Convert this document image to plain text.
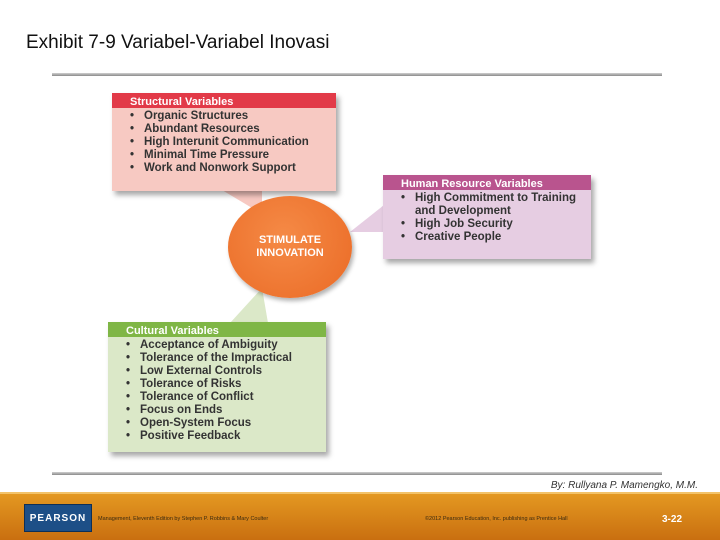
Exhibit 7-9 Variabel-Variabel Inovasi
Structural Variables
• Organic Structures
• Abundant Resources
• High Interunit Communication
• Minimal Time Pressure
• Work and Nonwork Support
Human Resource Variables
• High Commitment to Training and Development
• High Job Security
• Creative People
Cultural Variables
• Acceptance of Ambiguity
• Tolerance of the Impractical
• Low External Controls
• Tolerance of Risks
• Tolerance of Conflict
• Focus on Ends
• Open-System Focus
• Positive Feedback
STIMULATE
INNOVATION
By: Rullyana P. Mamengko, M.M.
PEARSON	Management, Eleventh Edition by Stephen P. Robbins & Mary Coulter	©2012 Pearson Education, Inc. publishing as Prentice Hall	3-22
